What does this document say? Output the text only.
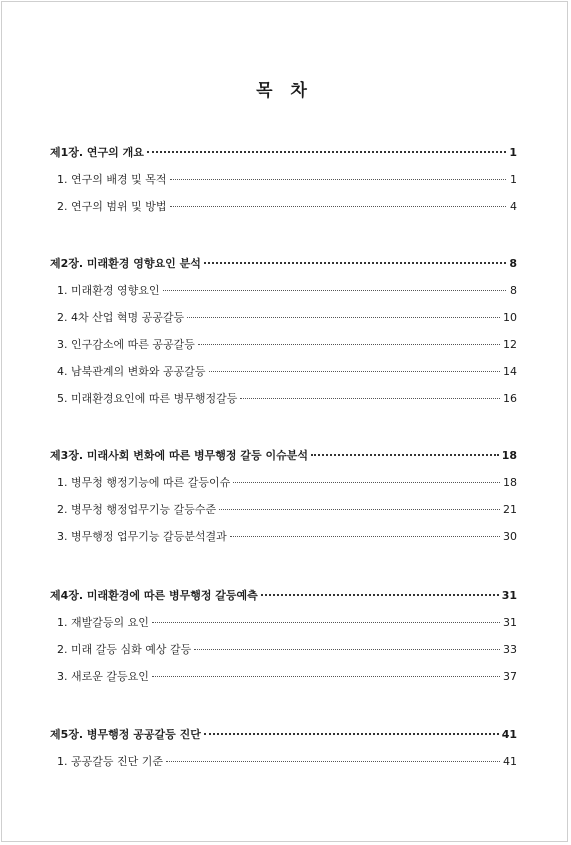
목 차
제1장. 연구의 개요	1
1. 연구의 배경 및 목적	1
2. 연구의 범위 및 방법	4
제2장. 미래환경 영향요인 분석	8
1. 미래환경 영향요인	8
2. 4차 산업 혁명 공공갈등	10
3. 인구감소에 따른 공공갈등	12
4. 남북관계의 변화와 공공갈등	14
5. 미래환경요인에 따른 병무행정갈등	16
제3장. 미래사회 변화에 따른 병무행정 갈등 이슈분석	18
1. 병무청 행정기능에 따른 갈등이슈	18
2. 병무청 행정업무기능 갈등수준	21
3. 병무행정 업무기능 갈등분석결과	30
제4장. 미래환경에 따른 병무행정 갈등예측	31
1. 재발갈등의 요인	31
2. 미래 갈등 심화 예상 갈등	33
3. 새로운 갈등요인	37
제5장. 병무행정 공공갈등 진단	41
1. 공공갈등 진단 기준	41
